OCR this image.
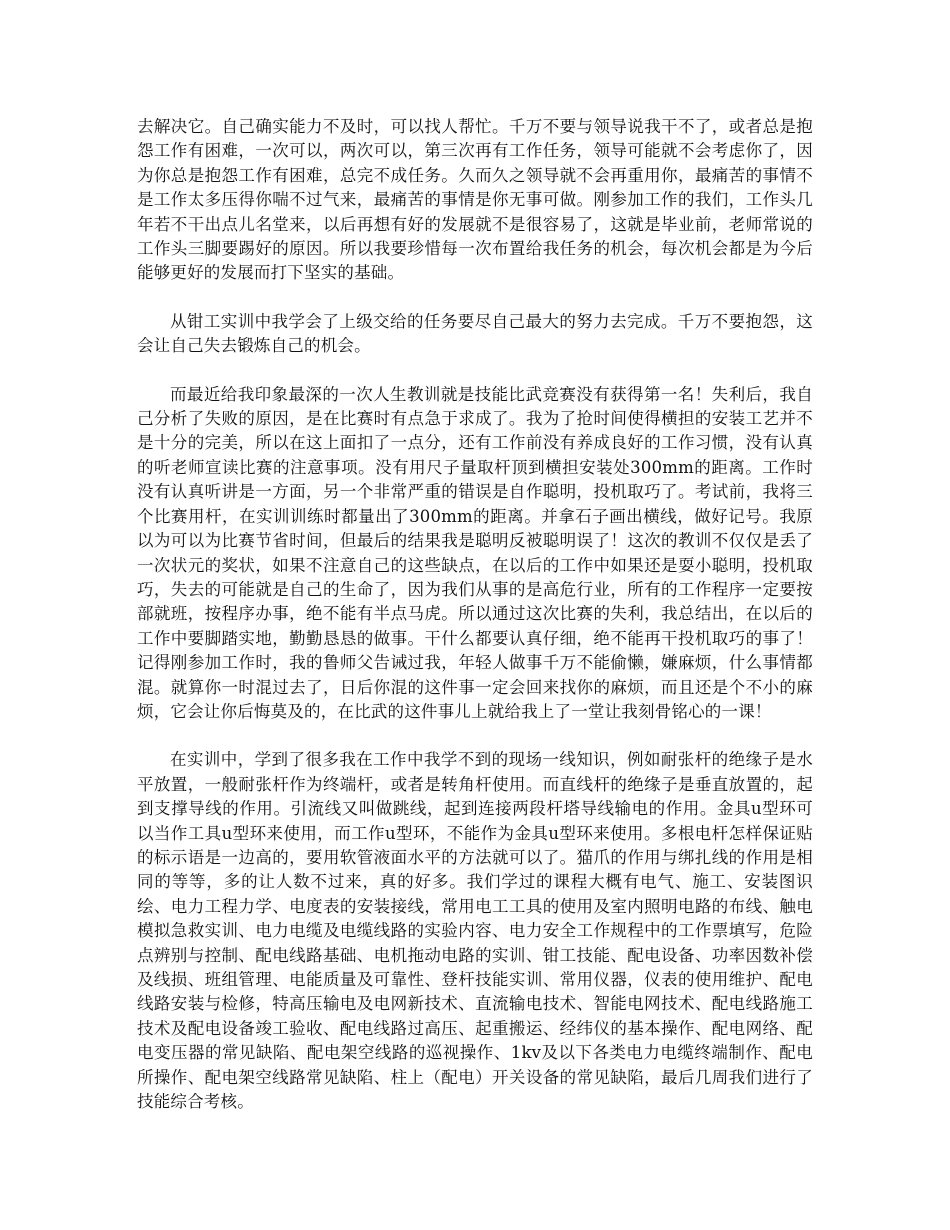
去解决它。自己确实能力不及时，可以找人帮忙。千万不要与领导说我干不了，或者总是抱怨工作有困难，一次可以，两次可以，第三次再有工作任务，领导可能就不会考虑你了，因为你总是抱怨工作有困难，总完不成任务。久而久之领导就不会再重用你，最痛苦的事情不是工作太多压得你喘不过气来，最痛苦的事情是你无事可做。刚参加工作的我们，工作头几年若不干出点儿名堂来，以后再想有好的发展就不是很容易了，这就是毕业前，老师常说的工作头三脚要踢好的原因。所以我要珍惜每一次布置给我任务的机会，每次机会都是为今后能够更好的发展而打下坚实的基础。

从钳工实训中我学会了上级交给的任务要尽自己最大的努力去完成。千万不要抱怨，这会让自己失去锻炼自己的机会。

而最近给我印象最深的一次人生教训就是技能比武竞赛没有获得第一名！失利后，我自己分析了失败的原因，是在比赛时有点急于求成了。我为了抢时间使得横担的安装工艺并不是十分的完美，所以在这上面扣了一点分，还有工作前没有养成良好的工作习惯，没有认真的听老师宣读比赛的注意事项。没有用尺子量取杆顶到横担安装处300mm的距离。工作时没有认真听讲是一方面，另一个非常严重的错误是自作聪明，投机取巧了。考试前，我将三个比赛用杆，在实训训练时都量出了300mm的距离。并拿石子画出横线，做好记号。我原以为可以为比赛节省时间，但最后的结果我是聪明反被聪明误了！这次的教训不仅仅是丢了一次状元的奖状，如果不注意自己的这些缺点，在以后的工作中如果还是耍小聪明，投机取巧，失去的可能就是自己的生命了，因为我们从事的是高危行业，所有的工作程序一定要按部就班，按程序办事，绝不能有半点马虎。所以通过这次比赛的失利，我总结出，在以后的工作中要脚踏实地，勤勤恳恳的做事。干什么都要认真仔细，绝不能再干投机取巧的事了！记得刚参加工作时，我的鲁师父告诫过我，年轻人做事千万不能偷懒，嫌麻烦，什么事情都混。就算你一时混过去了，日后你混的这件事一定会回来找你的麻烦，而且还是个不小的麻烦，它会让你后悔莫及的，在比武的这件事儿上就给我上了一堂让我刻骨铭心的一课！

在实训中，学到了很多我在工作中我学不到的现场一线知识，例如耐张杆的绝缘子是水平放置，一般耐张杆作为终端杆，或者是转角杆使用。而直线杆的绝缘子是垂直放置的，起到支撑导线的作用。引流线又叫做跳线，起到连接两段杆塔导线输电的作用。金具u型环可以当作工具u型环来使用，而工作u型环，不能作为金具u型环来使用。多根电杆怎样保证贴的标示语是一边高的，要用软管液面水平的方法就可以了。猫爪的作用与绑扎线的作用是相同的等等，多的让人数不过来，真的好多。我们学过的课程大概有电气、施工、安装图识绘、电力工程力学、电度表的安装接线，常用电工工具的使用及室内照明电路的布线、触电模拟急救实训、电力电缆及电缆线路的实验内容、电力安全工作规程中的工作票填写，危险点辨别与控制、配电线路基础、电机拖动电路的实训、钳工技能、配电设备、功率因数补偿及线损、班组管理、电能质量及可靠性、登杆技能实训、常用仪器，仪表的使用维护、配电线路安装与检修，特高压输电及电网新技术、直流输电技术、智能电网技术、配电线路施工技术及配电设备竣工验收、配电线路过高压、起重搬运、经纬仪的基本操作、配电网络、配电变压器的常见缺陷、配电架空线路的巡视操作、1kv及以下各类电力电缆终端制作、配电所操作、配电架空线路常见缺陷、柱上（配电）开关设备的常见缺陷，最后几周我们进行了技能综合考核。
